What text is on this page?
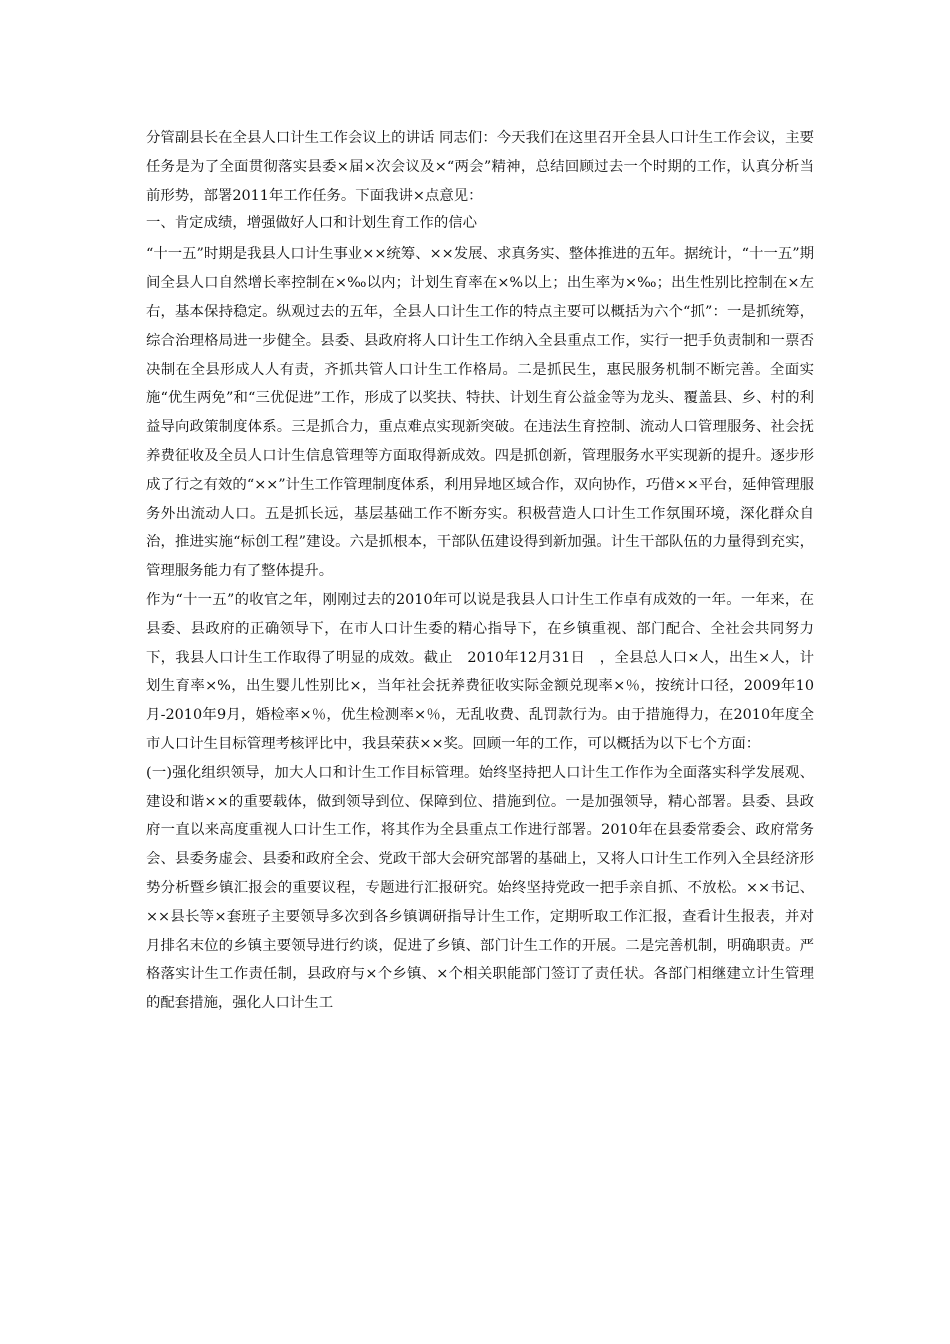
分管副县长在全县人口计生工作会议上的讲话 同志们：今天我们在这里召开全县人口计生工作会议，主要任务是为了全面贯彻落实县委×届×次会议及×“两会”精神，总结回顾过去一个时期的工作，认真分析当前形势，部署2011年工作任务。下面我讲×点意见：

一、肯定成绩，增强做好人口和计划生育工作的信心

“十一五”时期是我县人口计生事业××统筹、××发展、求真务实、整体推进的五年。据统计，“十一五”期间全县人口自然增长率控制在×‰以内；计划生育率在×%以上；出生率为×‰；出生性别比控制在×左右，基本保持稳定。纵观过去的五年，全县人口计生工作的特点主要可以概括为六个“抓”：一是抓统筹，综合治理格局进一步健全。县委、县政府将人口计生工作纳入全县重点工作，实行一把手负责制和一票否决制在全县形成人人有责，齐抓共管人口计生工作格局。二是抓民生，惠民服务机制不断完善。全面实施“优生两免”和“三优促进”工作，形成了以奖扶、特扶、计划生育公益金等为龙头、覆盖县、乡、村的利益导向政策制度体系。三是抓合力，重点难点实现新突破。在违法生育控制、流动人口管理服务、社会抚养费征收及全员人口计生信息管理等方面取得新成效。四是抓创新，管理服务水平实现新的提升。逐步形成了行之有效的“××”计生工作管理制度体系，利用异地区域合作，双向协作，巧借××平台，延伸管理服务外出流动人口。五是抓长远，基层基础工作不断夯实。积极营造人口计生工作氛围环境，深化群众自治，推进实施“标创工程”建设。六是抓根本，干部队伍建设得到新加强。计生干部队伍的力量得到充实，管理服务能力有了整体提升。

作为“十一五”的收官之年，刚刚过去的2010年可以说是我县人口计生工作卓有成效的一年。一年来，在县委、县政府的正确领导下，在市人口计生委的精心指导下，在乡镇重视、部门配合、全社会共同努力下，我县人口计生工作取得了明显的成效。截止　2010年12月31日　，全县总人口×人，出生×人，计划生育率×%，出生婴儿性别比×，当年社会抚养费征收实际金额兑现率×％，按统计口径，2009年10月-2010年9月，婚检率×％，优生检测率×％，无乱收费、乱罚款行为。由于措施得力，在2010年度全市人口计生目标管理考核评比中，我县荣获××奖。回顾一年的工作，可以概括为以下七个方面：

(一)强化组织领导，加大人口和计生工作目标管理。始终坚持把人口计生工作作为全面落实科学发展观、建设和谐××的重要载体，做到领导到位、保障到位、措施到位。一是加强领导，精心部署。县委、县政府一直以来高度重视人口计生工作，将其作为全县重点工作进行部署。2010年在县委常委会、政府常务会、县委务虚会、县委和政府全会、党政干部大会研究部署的基础上，又将人口计生工作列入全县经济形势分析暨乡镇汇报会的重要议程，专题进行汇报研究。始终坚持党政一把手亲自抓、不放松。××书记、××县长等×套班子主要领导多次到各乡镇调研指导计生工作，定期听取工作汇报，查看计生报表，并对月排名末位的乡镇主要领导进行约谈，促进了乡镇、部门计生工作的开展。二是完善机制，明确职责。严格落实计生工作责任制，县政府与×个乡镇、×个相关职能部门签订了责任状。各部门相继建立计生管理的配套措施，强化人口计生工
